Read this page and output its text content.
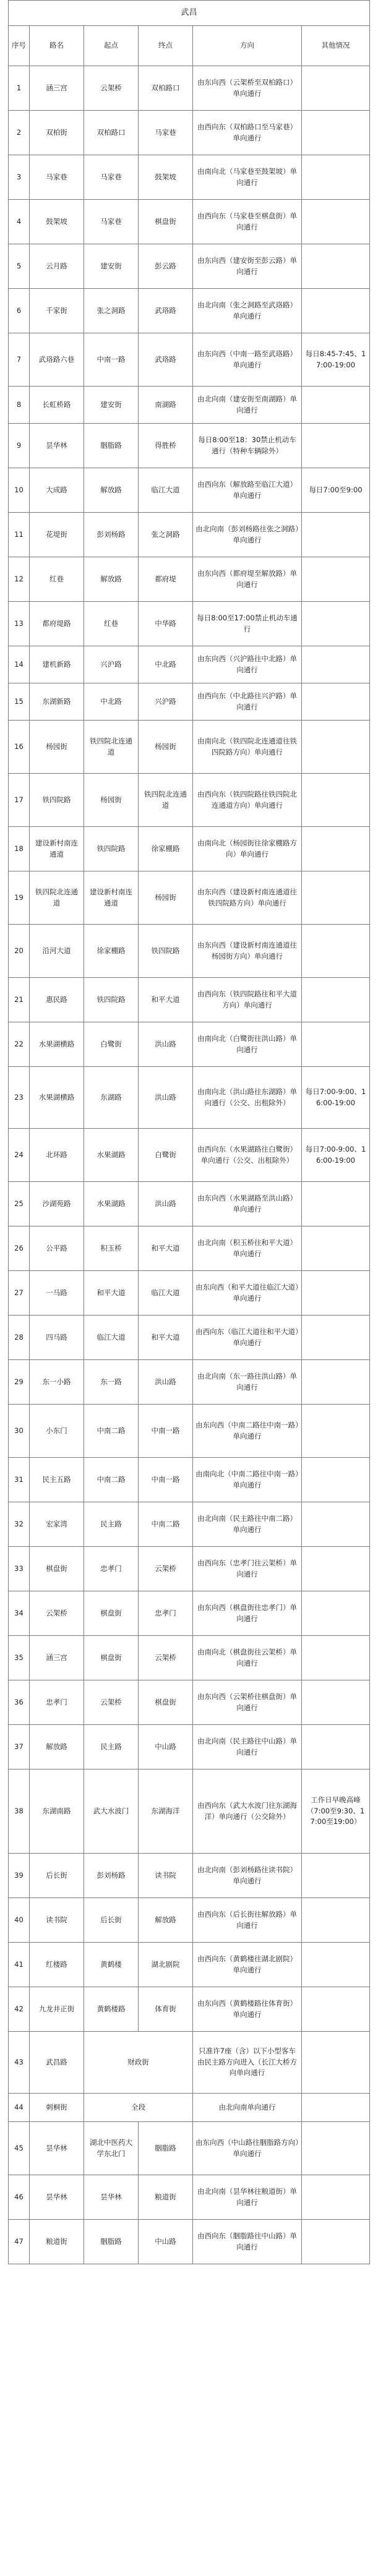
武昌					
序号	路名	起点	终点	方向	其他情况
1	涵三宫	云架桥	双柏路口	由东向西（云架桥至双柏路口）单向通行	
2	双柏街	双柏路口	马家巷	由西向东（双柏路口至马家巷）单向通行	
3	马家巷	马家巷	鼓架坡	由南向北（马家巷至鼓架坡）单向通行	
4	鼓架坡	马家巷	棋盘街	由西向东（马家巷至棋盘街）单向通行	
5	云月路	建安街	彭云路	由东向西（建安街至彭云路）单向通行	
6	千家街	张之洞路	武珞路	由北向南（张之洞路至武珞路）单向通行	
7	武珞路六巷	中南一路	武珞路	由东向西（中南一路至武珞路）单向通行	每日8:45-7:45、17:00-19:00
8	长虹桥路	建安街	南湖路	由北向南（建安街至南湖路）单向通行	
9	昙华林	胭脂路	得胜桥	每日8:00至18：30禁止机动车通行（特种车辆除外）	
10	大成路	解放路	临江大道	由西向东（解放路至临江大道）单向通行	每日7:00至9:00
11	花堤街	彭刘杨路	张之洞路	由北向南（彭刘杨路往张之洞路）单向通行	
12	红巷	解放路	都府堤	由东向西（都府堤至解放路）单向通行	
13	都府堤路	红巷	中华路	每日8:00至17:00禁止机动车通行	
14	建机新路	兴沪路	中北路	由东向西（兴沪路往中北路）单向通行	
15	东湖新路	中北路	兴沪路	由西向东（中北路往兴沪路）单向通行	
16	杨园街	铁四院北连通道	杨园街	由南向北（铁四院北连通道往铁四院路方向）单向通行	
17	铁四院路	杨园街	铁四院北连通道	由西向东（铁四院路往铁四院北连通道方向）单向通行	
18	建设新村南连通道	铁四院路	徐家棚路	由南向北（杨园街往徐家棚路方向）单向通行	
19	铁四院北连通道	建设新村南连通道	杨园街	由东向西（建设新村南连通道往铁四院路方向）单向通行	
20	沿河大道	徐家棚路	铁四院路	由东向西（建设新村南连通道往杨园街方向）单向通行	
21	惠民路	铁四院路	和平大道	由西向东（铁四院路往和平大道方向）单向通行	
22	水果湖横路	白鹭街	洪山路	由南向北（白鹭街往洪山路）单向通行	
23	水果湖横路	东湖路	洪山路	由南向北（洪山路往东湖路）单向通行（公交、出租除外）	每日7:00-9:00、16:00-19:00
24	北环路	水果湖路	白鹭街	由西向东（水果湖路往白鹭街）单向通行（公交、出租除外）	每日7:00-9:00、16:00-19:00
25	沙湖苑路	水果湖路	洪山路	由东向西（水果湖路至洪山路）单向通行	
26	公平路	积玉桥	和平大道	由北向南（积玉桥往和平大道）单向通行	
27	一马路	和平大道	临江大道	由东向西（和平大道往临江大道）单向通行	
28	四马路	临江大道	和平大道	由西向东（临江大道往和平大道）单向通行	
29	东一小路	东一路	洪山路	由北向南（东一路往洪山路）单向通行	
30	小东门	中南二路	中南一路	由东向西（中南二路往中南一路）单向通行	
31	民主五路	中南二路	中南一路	由南向北（中南二路往中南一路）单向通行	
32	宏家湾	民主路	中南二路	由北向南（民主路往中南二路）单向通行	
33	棋盘街	忠孝门	云架桥	由西向东（忠孝门往云架桥）单向通行	
34	云架桥	棋盘街	忠孝门	由东向西（棋盘街往忠孝门）单向通行	
35	涵三宫	棋盘街	云架桥	由南向北（棋盘街往云架桥）单向通行	
36	忠孝门	云架桥	棋盘街	由东向西（云架桥往棋盘街）单向通行	
37	解放路	民主路	中山路	由北向南（民主路往中山路）单向通行	
38	东湖南路	武大水波门	东湖海洋	由西向东（武大水波门往东湖海洋）单向通行（公交除外）	工作日早晚高峰（7:00至9:30、17:00至19:00）
39	后长街	彭刘杨路	读书院	由北向南（彭刘杨路往读书院）单向通行	
40	读书院	后长街	解放路	由西向东（后长街往解放路）单向通行	
41	红楼路	黄鹤楼	湖北剧院	由西向东（黄鹤楼往湖北剧院）单向通行	
42	九龙井正街	黄鹤楼路	体育街	由东向西（黄鹤楼路往体育街）单向通行	
43	武昌路	财政街		只准许7座（含）以下小型客车由民主路方向进入（长江大桥方向单向通行	
44	刺桐街	全段		由北向南单向通行	
45	昙华林	湖北中医药大学东北门	胭脂路	由东向西（中山路往胭脂路方向）单向通行	
46	昙华林	昙华林	粮道街	由北向南（昙华林往粮道街）单向通行	
47	粮道街	胭脂路	中山路	由西向东（胭脂路往中山路）单向通行	
